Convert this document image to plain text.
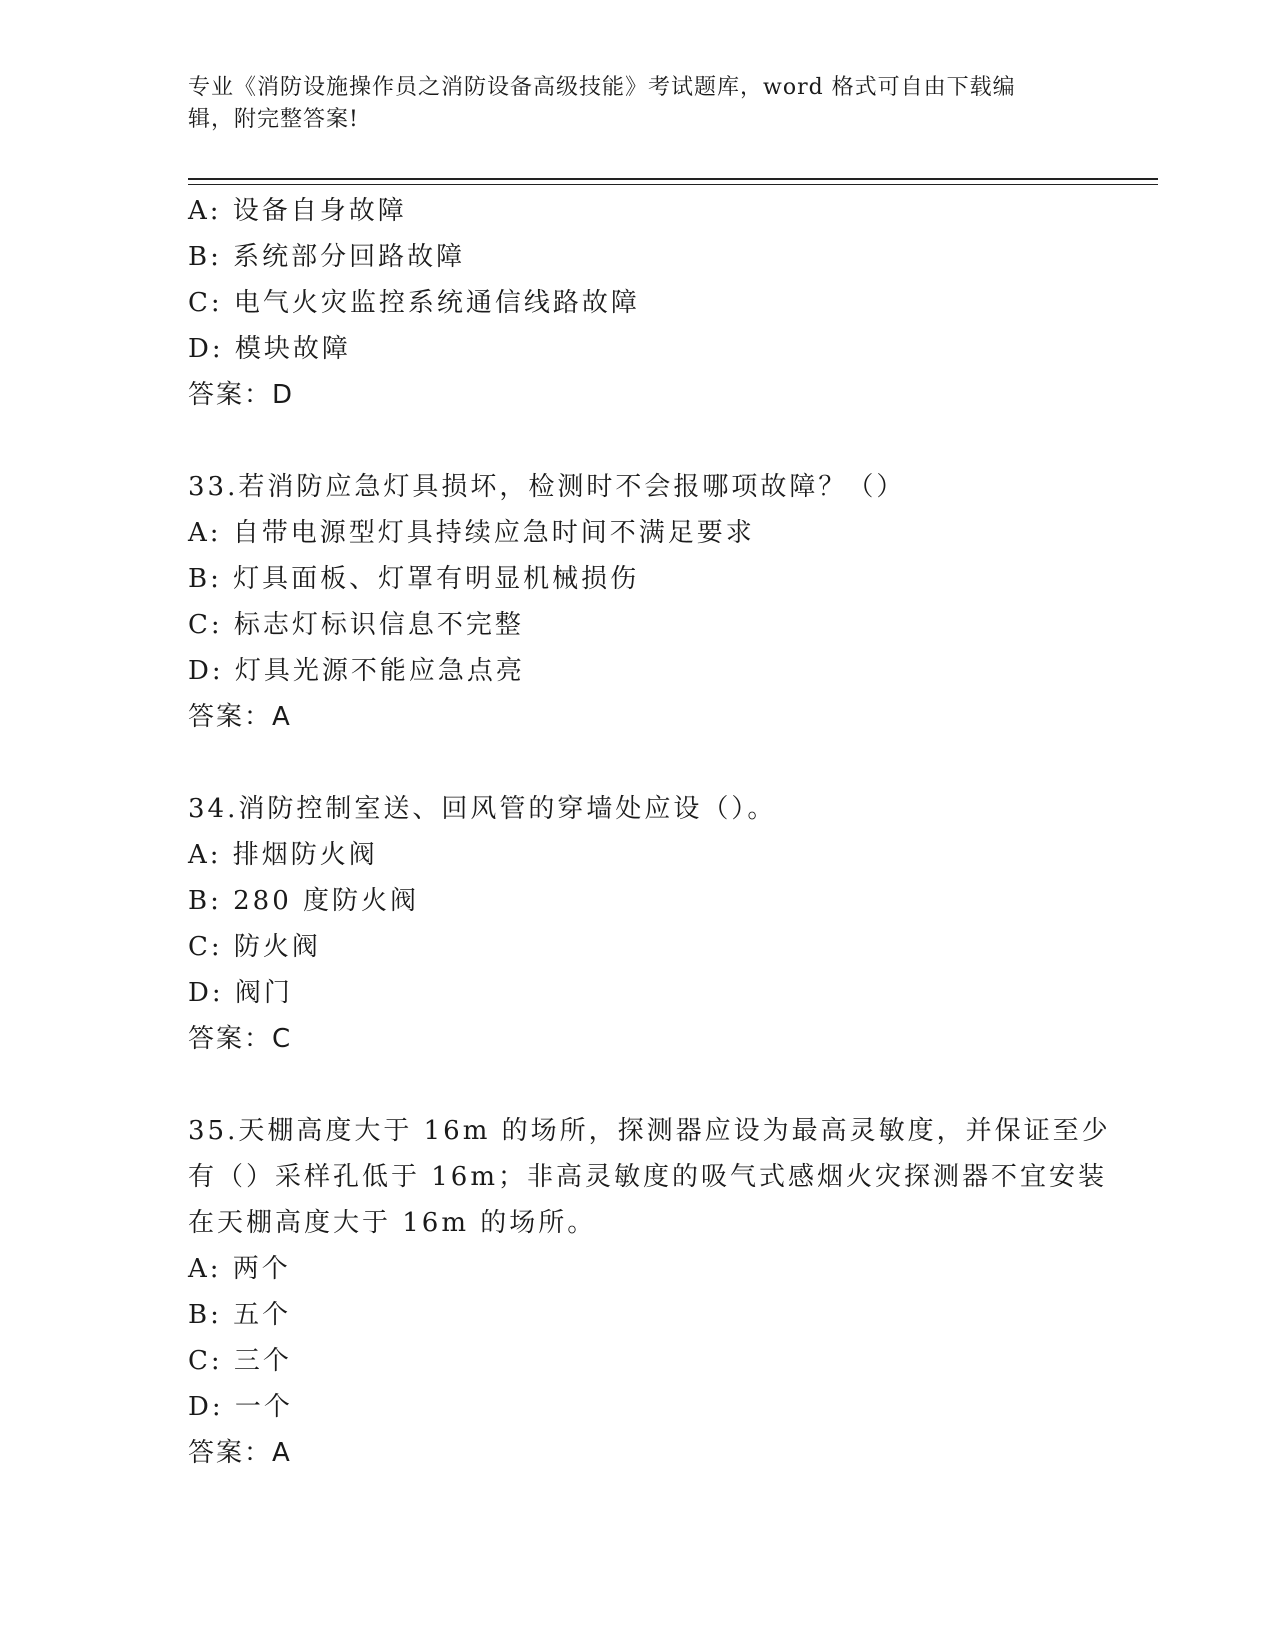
专业《消防设施操作员之消防设备高级技能》考试题库，word 格式可自由下载编
辑，附完整答案!
A: 设备自身故障
B: 系统部分回路故障
C: 电气火灾监控系统通信线路故障
D: 模块故障
答案：D
33.若消防应急灯具损坏，检测时不会报哪项故障？（）
A: 自带电源型灯具持续应急时间不满足要求
B: 灯具面板、灯罩有明显机械损伤
C: 标志灯标识信息不完整
D: 灯具光源不能应急点亮
答案：A
34.消防控制室送、回风管的穿墙处应设（）。
A: 排烟防火阀
B: 280 度防火阀
C: 防火阀
D: 阀门
答案：C
35.天棚高度大于 16m 的场所，探测器应设为最高灵敏度，并保证至少
有（）采样孔低于 16m；非高灵敏度的吸气式感烟火灾探测器不宜安装
在天棚高度大于 16m 的场所。
A: 两个
B: 五个
C: 三个
D: 一个
答案：A
